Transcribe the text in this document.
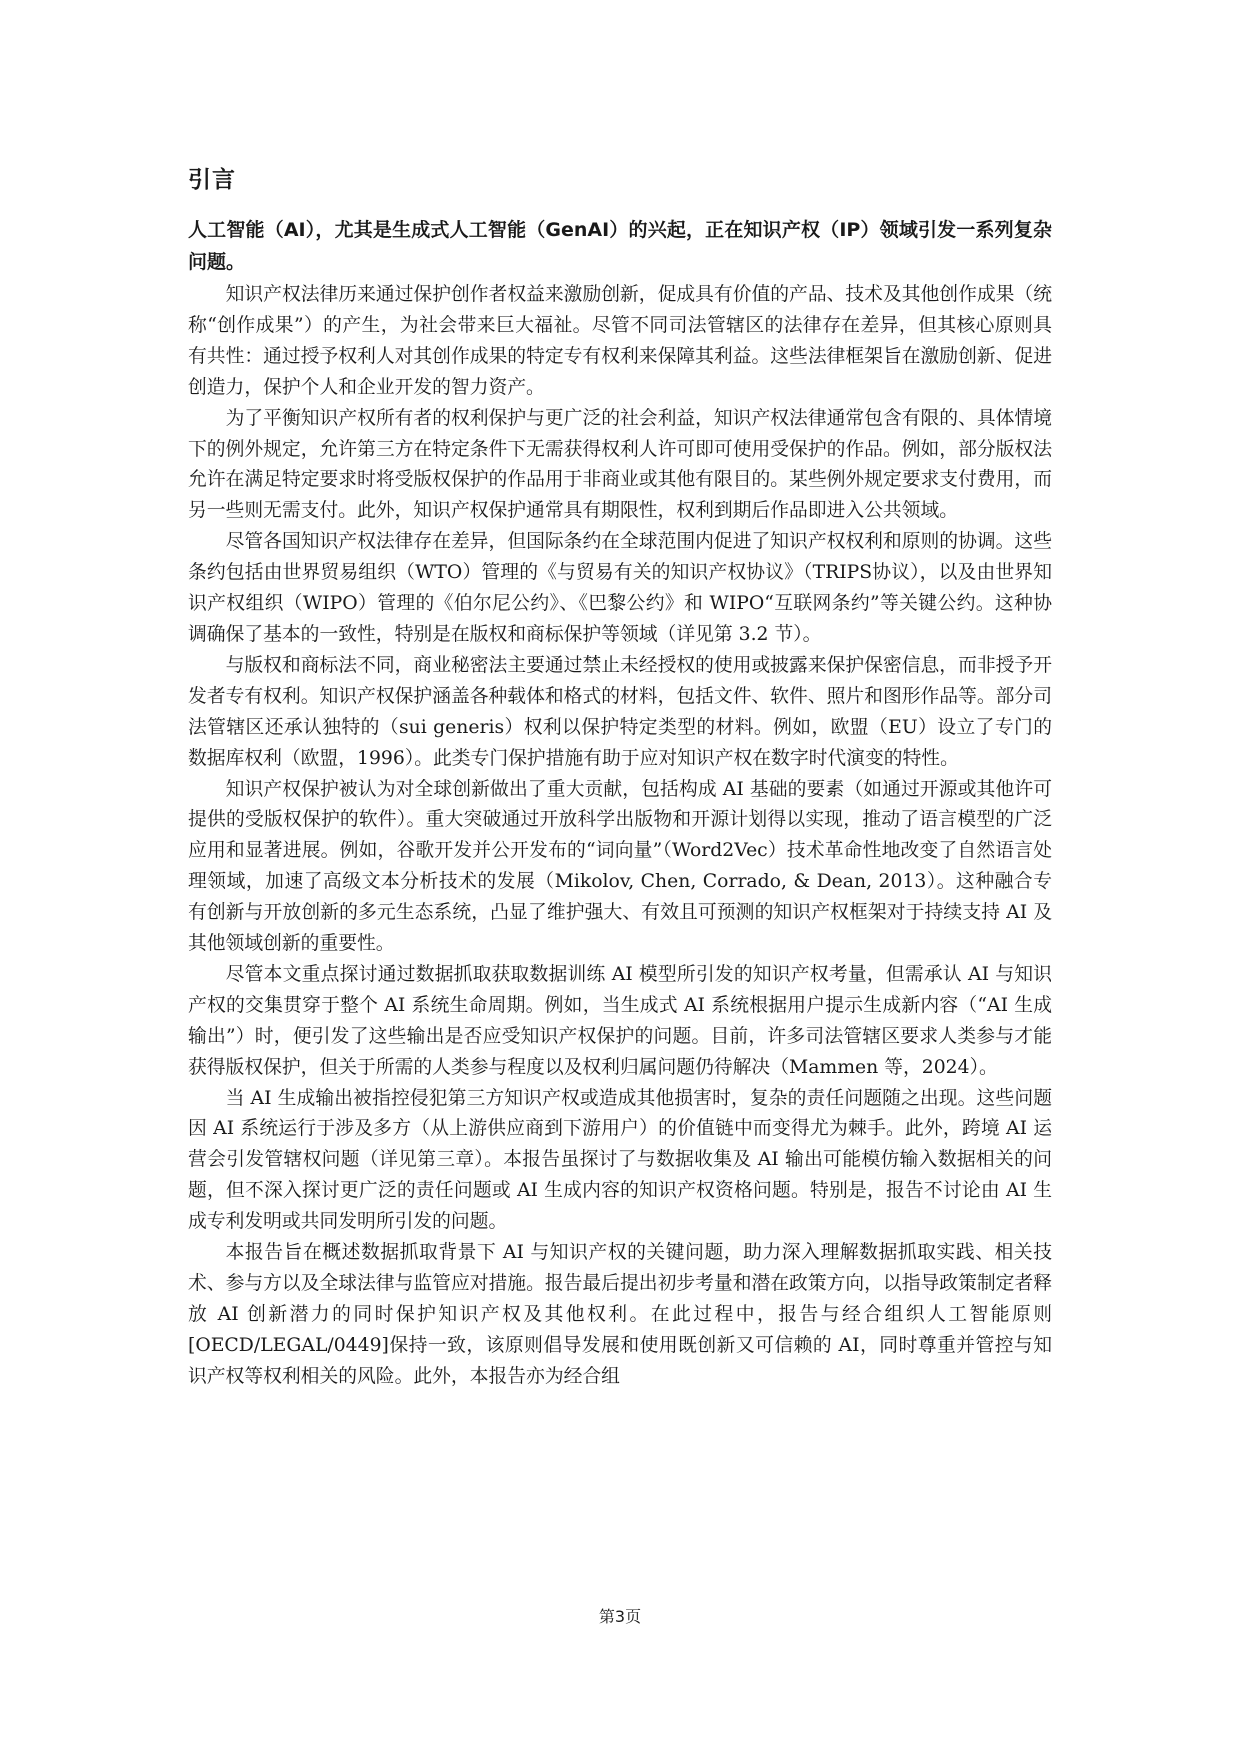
引言
人工智能（AI），尤其是生成式人工智能（GenAI）的兴起，正在知识产权（IP）领域引发一系列复杂问题。

知识产权法律历来通过保护创作者权益来激励创新，促成具有价值的产品、技术及其他创作成果（统称“创作成果”）的产生，为社会带来巨大福祉。尽管不同司法管辖区的法律存在差异，但其核心原则具有共性：通过授予权利人对其创作成果的特定专有权利来保障其利益。这些法律框架旨在激励创新、促进创造力，保护个人和企业开发的智力资产。

为了平衡知识产权所有者的权利保护与更广泛的社会利益，知识产权法律通常包含有限的、具体情境下的例外规定，允许第三方在特定条件下无需获得权利人许可即可使用受保护的作品。例如，部分版权法允许在满足特定要求时将受版权保护的作品用于非商业或其他有限目的。某些例外规定要求支付费用，而另一些则无需支付。此外，知识产权保护通常具有期限性，权利到期后作品即进入公共领域。

尽管各国知识产权法律存在差异，但国际条约在全球范围内促进了知识产权权利和原则的协调。这些条约包括由世界贸易组织（WTO）管理的《与贸易有关的知识产权协议》（TRIPS协议），以及由世界知识产权组织（WIPO）管理的《伯尔尼公约》、《巴黎公约》和 WIPO“互联网条约”等关键公约。这种协调确保了基本的一致性，特别是在版权和商标保护等领域（详见第 3.2 节）。

与版权和商标法不同，商业秘密法主要通过禁止未经授权的使用或披露来保护保密信息，而非授予开发者专有权利。知识产权保护涵盖各种载体和格式的材料，包括文件、软件、照片和图形作品等。部分司法管辖区还承认独特的（sui generis）权利以保护特定类型的材料。例如，欧盟（EU）设立了专门的数据库权利（欧盟，1996）。此类专门保护措施有助于应对知识产权在数字时代演变的特性。

知识产权保护被认为对全球创新做出了重大贡献，包括构成 AI 基础的要素（如通过开源或其他许可提供的受版权保护的软件）。重大突破通过开放科学出版物和开源计划得以实现，推动了语言模型的广泛应用和显著进展。例如，谷歌开发并公开发布的“词向量”（Word2Vec）技术革命性地改变了自然语言处理领域，加速了高级文本分析技术的发展（Mikolov, Chen, Corrado, & Dean, 2013）。这种融合专有创新与开放创新的多元生态系统，凸显了维护强大、有效且可预测的知识产权框架对于持续支持 AI 及其他领域创新的重要性。

尽管本文重点探讨通过数据抓取获取数据训练 AI 模型所引发的知识产权考量，但需承认 AI 与知识产权的交集贯穿于整个 AI 系统生命周期。例如，当生成式 AI 系统根据用户提示生成新内容（“AI 生成输出”）时，便引发了这些输出是否应受知识产权保护的问题。目前，许多司法管辖区要求人类参与才能获得版权保护，但关于所需的人类参与程度以及权利归属问题仍待解决（Mammen 等，2024）。

当 AI 生成输出被指控侵犯第三方知识产权或造成其他损害时，复杂的责任问题随之出现。这些问题因 AI 系统运行于涉及多方（从上游供应商到下游用户）的价值链中而变得尤为棘手。此外，跨境 AI 运营会引发管辖权问题（详见第三章）。本报告虽探讨了与数据收集及 AI 输出可能模仿输入数据相关的问题，但不深入探讨更广泛的责任问题或 AI 生成内容的知识产权资格问题。特别是，报告不讨论由 AI 生成专利发明或共同发明所引发的问题。

本报告旨在概述数据抓取背景下 AI 与知识产权的关键问题，助力深入理解数据抓取实践、相关技术、参与方以及全球法律与监管应对措施。报告最后提出初步考量和潜在政策方向，以指导政策制定者释放 AI 创新潜力的同时保护知识产权及其他权利。在此过程中，报告与经合组织人工智能原则[OECD/LEGAL/0449]保持一致，该原则倡导发展和使用既创新又可信赖的 AI，同时尊重并管控与知识产权等权利相关的风险。此外，本报告亦为经合组

第3页
